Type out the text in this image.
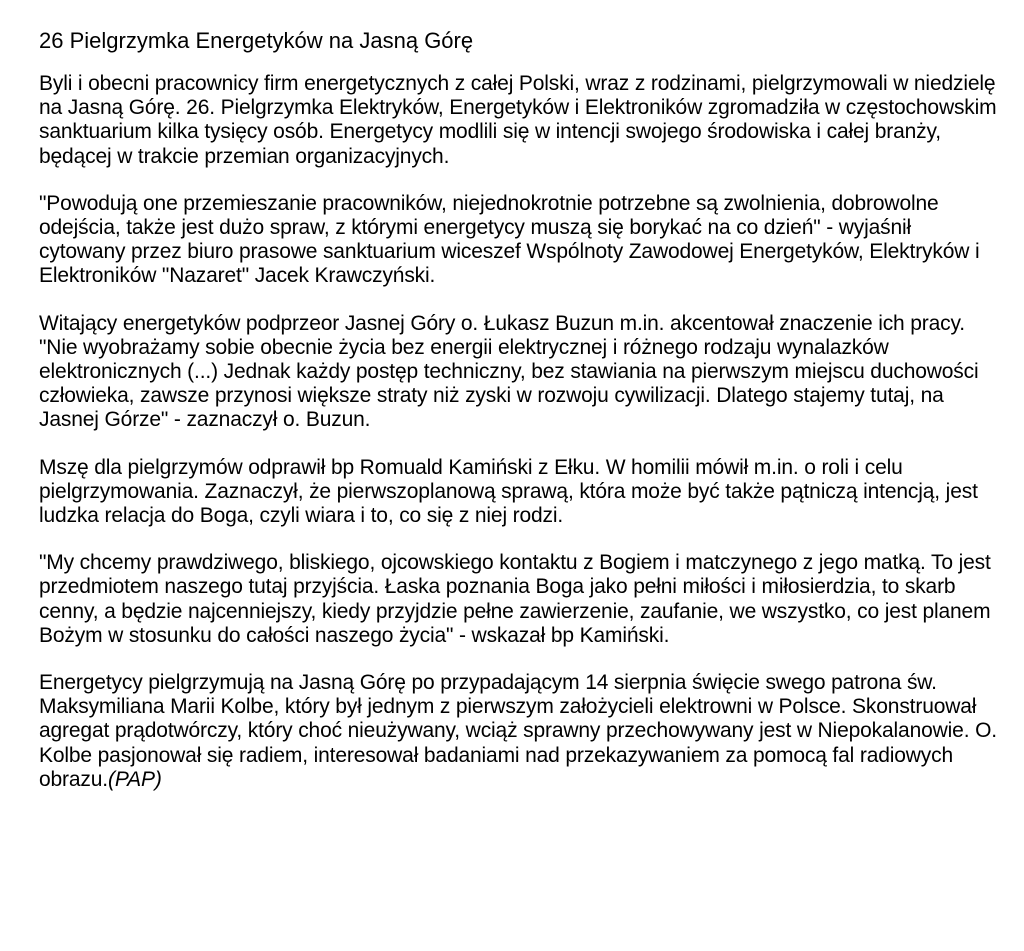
26 Pielgrzymka Energetyków na Jasną Górę

Byli i obecni pracownicy firm energetycznych z całej Polski, wraz z rodzinami, pielgrzymowali w niedzielę na Jasną Górę. 26. Pielgrzymka Elektryków, Energetyków i Elektroników zgromadziła w częstochowskim sanktuarium kilka tysięcy osób. Energetycy modlili się w intencji swojego środowiska i całej branży, będącej w trakcie przemian organizacyjnych.

"Powodują one przemieszanie pracowników, niejednokrotnie potrzebne są zwolnienia, dobrowolne odejścia, także jest dużo spraw, z którymi energetycy muszą się borykać na co dzień" - wyjaśnił cytowany przez biuro prasowe sanktuarium wiceszef Wspólnoty Zawodowej Energetyków, Elektryków i Elektroników "Nazaret" Jacek Krawczyński.

Witający energetyków podprzeor Jasnej Góry o. Łukasz Buzun m.in. akcentował znaczenie ich pracy. "Nie wyobrażamy sobie obecnie życia bez energii elektrycznej i różnego rodzaju wynalazków elektronicznych (...) Jednak każdy postęp techniczny, bez stawiania na pierwszym miejscu duchowości człowieka, zawsze przynosi większe straty niż zyski w rozwoju cywilizacji. Dlatego stajemy tutaj, na Jasnej Górze" - zaznaczył o. Buzun.

Mszę dla pielgrzymów odprawił bp Romuald Kamiński z Ełku. W homilii mówił m.in. o roli i celu pielgrzymowania. Zaznaczył, że pierwszoplanową sprawą, która może być także pątniczą intencją, jest ludzka relacja do Boga, czyli wiara i to, co się z niej rodzi.

"My chcemy prawdziwego, bliskiego, ojcowskiego kontaktu z Bogiem i matczynego z jego matką. To jest przedmiotem naszego tutaj przyjścia. Łaska poznania Boga jako pełni miłości i miłosierdzia, to skarb cenny, a będzie najcenniejszy, kiedy przyjdzie pełne zawierzenie, zaufanie, we wszystko, co jest planem Bożym w stosunku do całości naszego życia" - wskazał bp Kamiński.

Energetycy pielgrzymują na Jasną Górę po przypadającym 14 sierpnia święcie swego patrona św. Maksymiliana Marii Kolbe, który był jednym z pierwszym założycieli elektrowni w Polsce. Skonstruował agregat prądotwórczy, który choć nieużywany, wciąż sprawny przechowywany jest w Niepokalanowie. O. Kolbe pasjonował się radiem, interesował badaniami nad przekazywaniem za pomocą fal radiowych obrazu.(PAP)
